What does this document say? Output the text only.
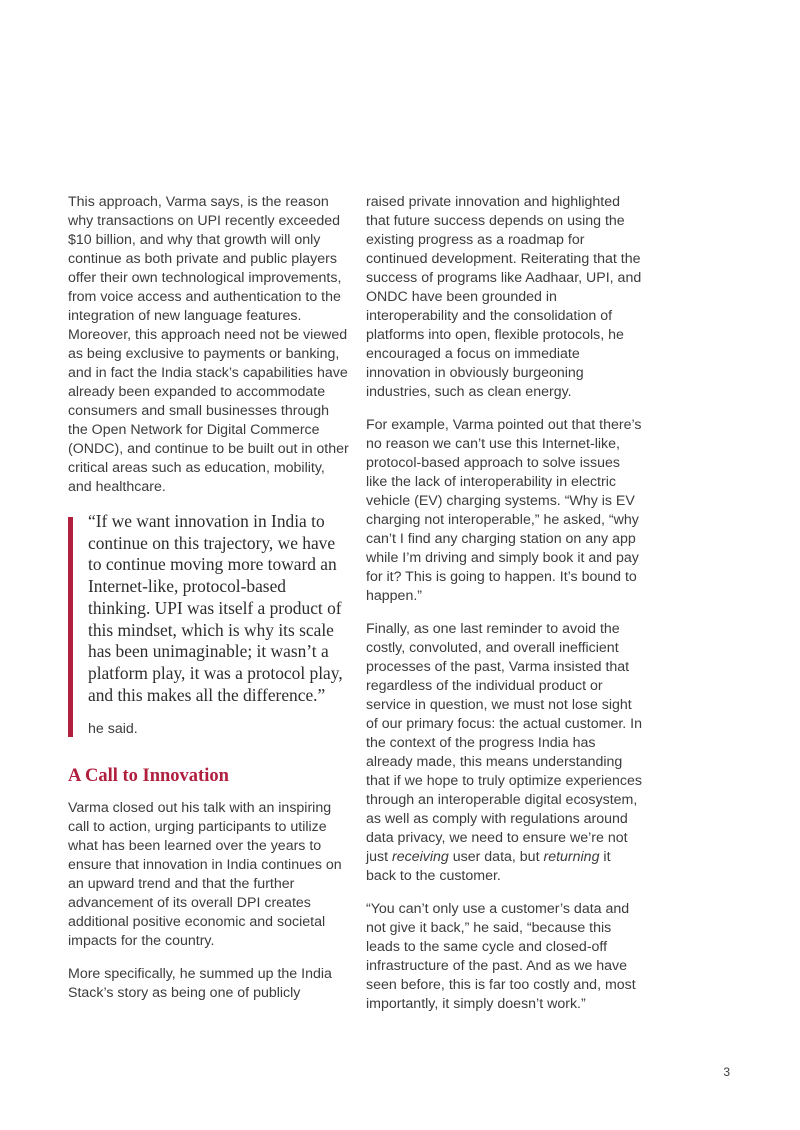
This approach, Varma says, is the reason why transactions on UPI recently exceeded $10 billion, and why that growth will only continue as both private and public players offer their own technological improvements, from voice access and authentication to the integration of new language features. Moreover, this approach need not be viewed as being exclusive to payments or banking, and in fact the India stack’s capabilities have already been expanded to accommodate consumers and small businesses through the Open Network for Digital Commerce (ONDC), and continue to be built out in other critical areas such as education, mobility, and healthcare.

“If we want innovation in India to continue on this trajectory, we have to continue moving more toward an Internet-like, protocol-based thinking. UPI was itself a product of this mindset, which is why its scale has been unimaginable; it wasn’t a platform play, it was a protocol play, and this makes all the difference.”

he said.

A Call to Innovation

Varma closed out his talk with an inspiring call to action, urging participants to utilize what has been learned over the years to ensure that innovation in India continues on an upward trend and that the further advancement of its overall DPI creates additional positive economic and societal impacts for the country.

More specifically, he summed up the India Stack’s story as being one of publicly

raised private innovation and highlighted that future success depends on using the existing progress as a roadmap for continued development. Reiterating that the success of programs like Aadhaar, UPI, and ONDC have been grounded in interoperability and the consolidation of platforms into open, flexible protocols, he encouraged a focus on immediate innovation in obviously burgeoning industries, such as clean energy.

For example, Varma pointed out that there’s no reason we can’t use this Internet-like, protocol-based approach to solve issues like the lack of interoperability in electric vehicle (EV) charging systems. “Why is EV charging not interoperable,” he asked, “why can’t I find any charging station on any app while I’m driving and simply book it and pay for it? This is going to happen. It’s bound to happen.”

Finally, as one last reminder to avoid the costly, convoluted, and overall inefficient processes of the past, Varma insisted that regardless of the individual product or service in question, we must not lose sight of our primary focus: the actual customer. In the context of the progress India has already made, this means understanding that if we hope to truly optimize experiences through an interoperable digital ecosystem, as well as comply with regulations around data privacy, we need to ensure we’re not just receiving user data, but returning it back to the customer.

“You can’t only use a customer’s data and not give it back,” he said, “because this leads to the same cycle and closed-off infrastructure of the past. And as we have seen before, this is far too costly and, most importantly, it simply doesn’t work.”

3
